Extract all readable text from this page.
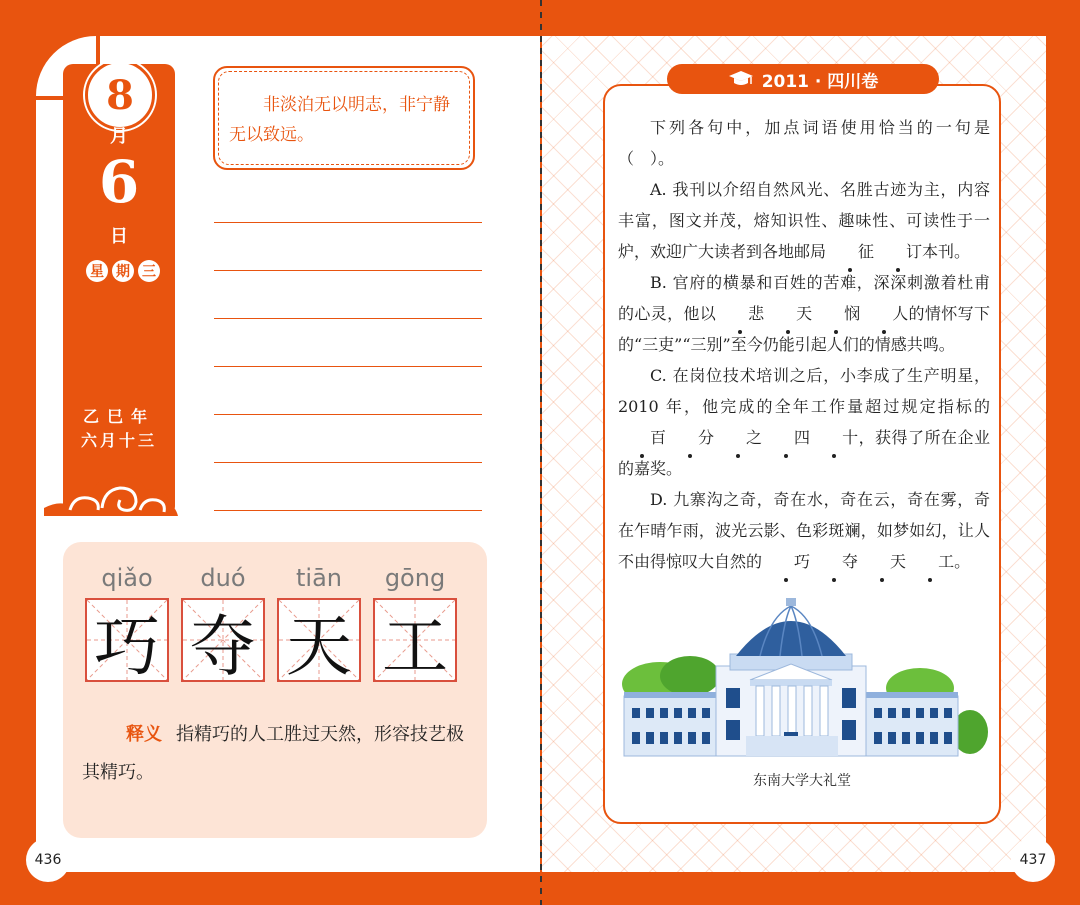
8
月
6
日
星 期 三
乙巳年
六月十三
非淡泊无以明志，非宁静无以致远。
qiǎo	duó	tiān	gōng
巧 夺 天 工
释义 指精巧的人工胜过天然，形容技艺极其精巧。
436	437
2011 · 四川卷

下列各句中，加点词语使用恰当的一句是（　）。

A. 我刊以介绍自然风光、名胜古迹为主，内容丰富，图文并茂，熔知识性、趣味性、可读性于一炉，欢迎广大读者到各地邮局 征 订本刊。

B. 官府的横暴和百姓的苦难，深深刺激着杜甫的心灵，他以 悲 天 悯 人的情怀写下的“三吏”“三别”至今仍能引起人们的情感共鸣。

C. 在岗位技术培训之后，小李成了生产明星，2010 年，他完成的全年工作量超过规定指标的百 分 之 四 十，获得了所在企业的嘉奖。

D. 九寨沟之奇，奇在水，奇在云，奇在雾，奇在乍晴乍雨，波光云影、色彩斑斓，如梦如幻，让人不由得惊叹大自然的 巧 夺 天 工。

东南大学大礼堂
